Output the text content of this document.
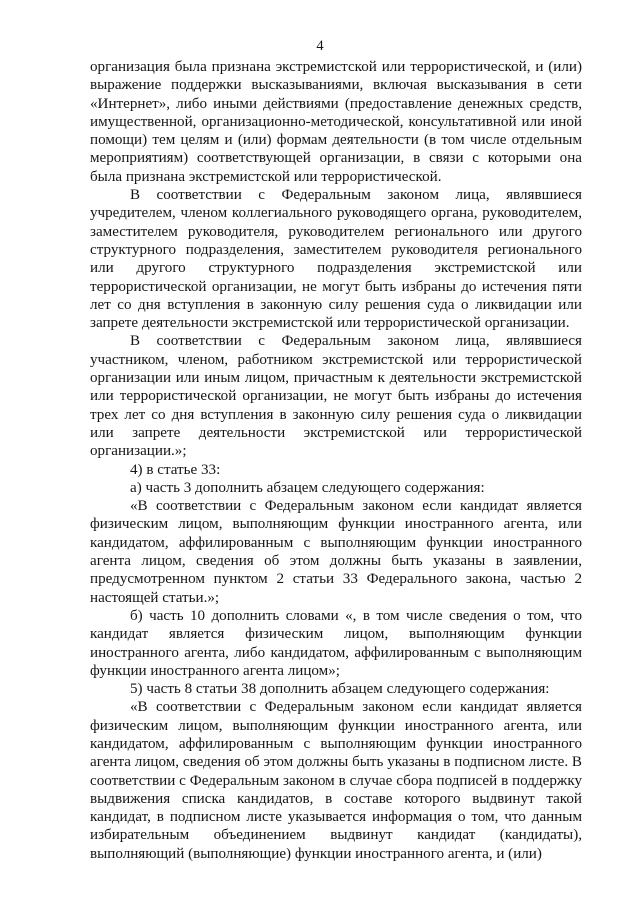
4

организация была признана экстремистской или террористической, и (или) выражение поддержки высказываниями, включая высказывания в сети «Интернет», либо иными действиями (предоставление денежных средств, имущественной, организационно-методической, консультативной или иной помощи) тем целям и (или) формам деятельности (в том числе отдельным мероприятиям) соответствующей организации, в связи с которыми она была признана экстремистской или террористической.

В соответствии с Федеральным законом лица, являвшиеся учредителем, членом коллегиального руководящего органа, руководителем, заместителем руководителя, руководителем регионального или другого структурного подразделения, заместителем руководителя регионального или другого структурного подразделения экстремистской или террористической организации, не могут быть избраны до истечения пяти лет со дня вступления в законную силу решения суда о ликвидации или запрете деятельности экстремистской или террористической организации.

В соответствии с Федеральным законом лица, являвшиеся участником, членом, работником экстремистской или террористической организации или иным лицом, причастным к деятельности экстремистской или террористической организации, не могут быть избраны до истечения трех лет со дня вступления в законную силу решения суда о ликвидации или запрете деятельности экстремистской или террористической организации.»;

4) в статье 33:

а) часть 3 дополнить абзацем следующего содержания:

«В соответствии с Федеральным законом если кандидат является физическим лицом, выполняющим функции иностранного агента, или кандидатом, аффилированным с выполняющим функции иностранного агента лицом, сведения об этом должны быть указаны в заявлении, предусмотренном пунктом 2 статьи 33 Федерального закона, частью 2 настоящей статьи.»;

б) часть 10 дополнить словами «, в том числе сведения о том, что кандидат является физическим лицом, выполняющим функции иностранного агента, либо кандидатом, аффилированным с выполняющим функции иностранного агента лицом»;

5) часть 8 статьи 38 дополнить абзацем следующего содержания:

«В соответствии с Федеральным законом если кандидат является физическим лицом, выполняющим функции иностранного агента, или кандидатом, аффилированным с выполняющим функции иностранного агента лицом, сведения об этом должны быть указаны в подписном листе. В соответствии с Федеральным законом в случае сбора подписей в поддержку выдвижения списка кандидатов, в составе которого выдвинут такой кандидат, в подписном листе указывается информация о том, что данным избирательным объединением выдвинут кандидат (кандидаты), выполняющий (выполняющие) функции иностранного агента, и (или)
